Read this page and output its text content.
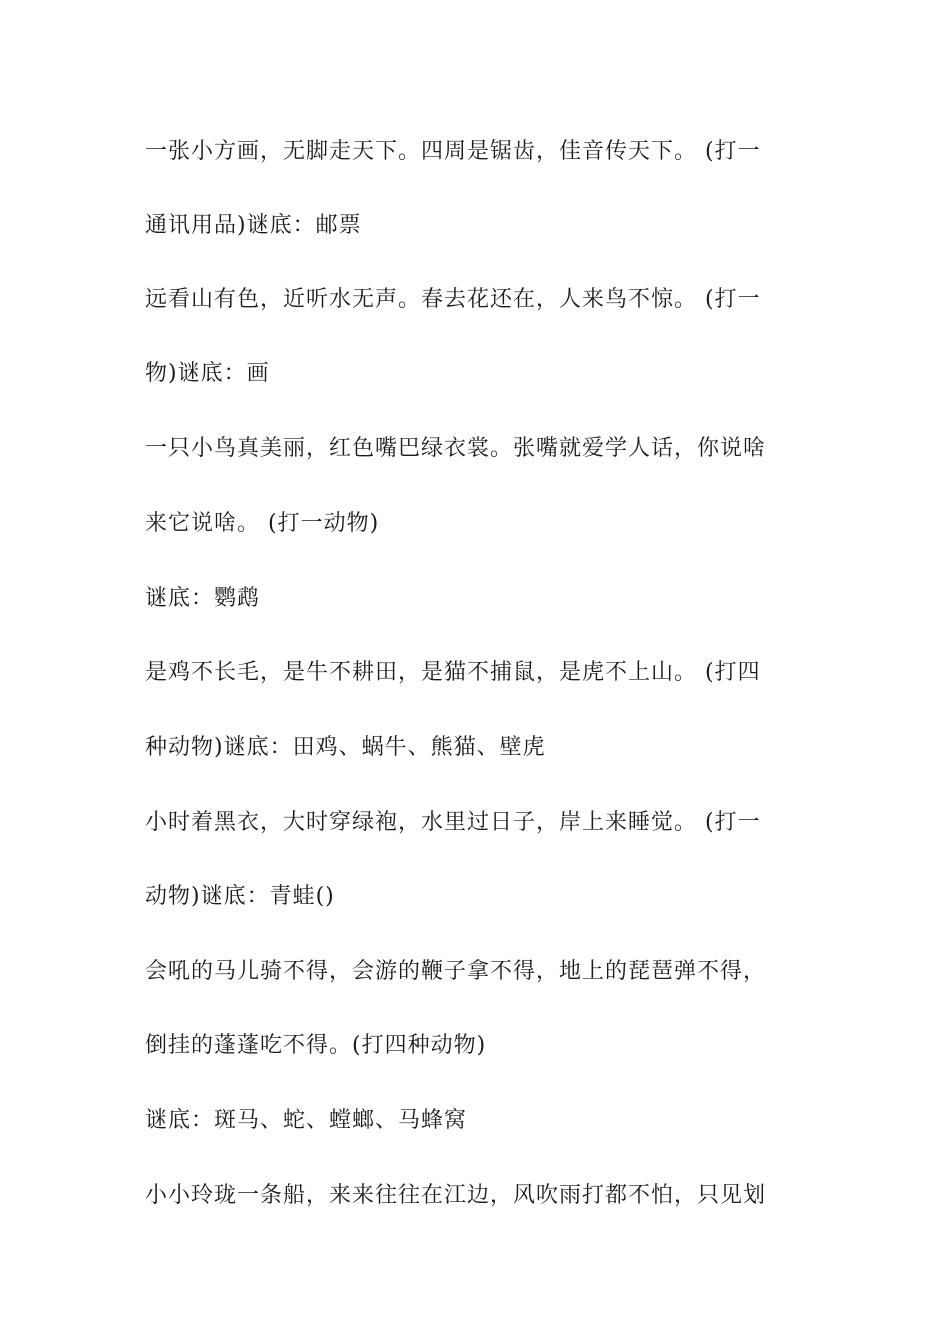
一张小方画，无脚走天下。四周是锯齿，佳音传天下。 (打一
通讯用品)谜底：邮票
远看山有色，近听水无声。春去花还在，人来鸟不惊。 (打一
物)谜底：画
一只小鸟真美丽，红色嘴巴绿衣裳。张嘴就爱学人话，你说啥
来它说啥。 (打一动物)
谜底：鹦鹉
是鸡不长毛，是牛不耕田，是猫不捕鼠，是虎不上山。 (打四
种动物)谜底：田鸡、蜗牛、熊猫、壁虎
小时着黑衣，大时穿绿袍，水里过日子，岸上来睡觉。 (打一
动物)谜底：青蛙()
会吼的马儿骑不得，会游的鞭子拿不得，地上的琵琶弹不得，
倒挂的蓬蓬吃不得。(打四种动物)
谜底：斑马、蛇、螳螂、马蜂窝
小小玲珑一条船，来来往往在江边，风吹雨打都不怕，只见划
